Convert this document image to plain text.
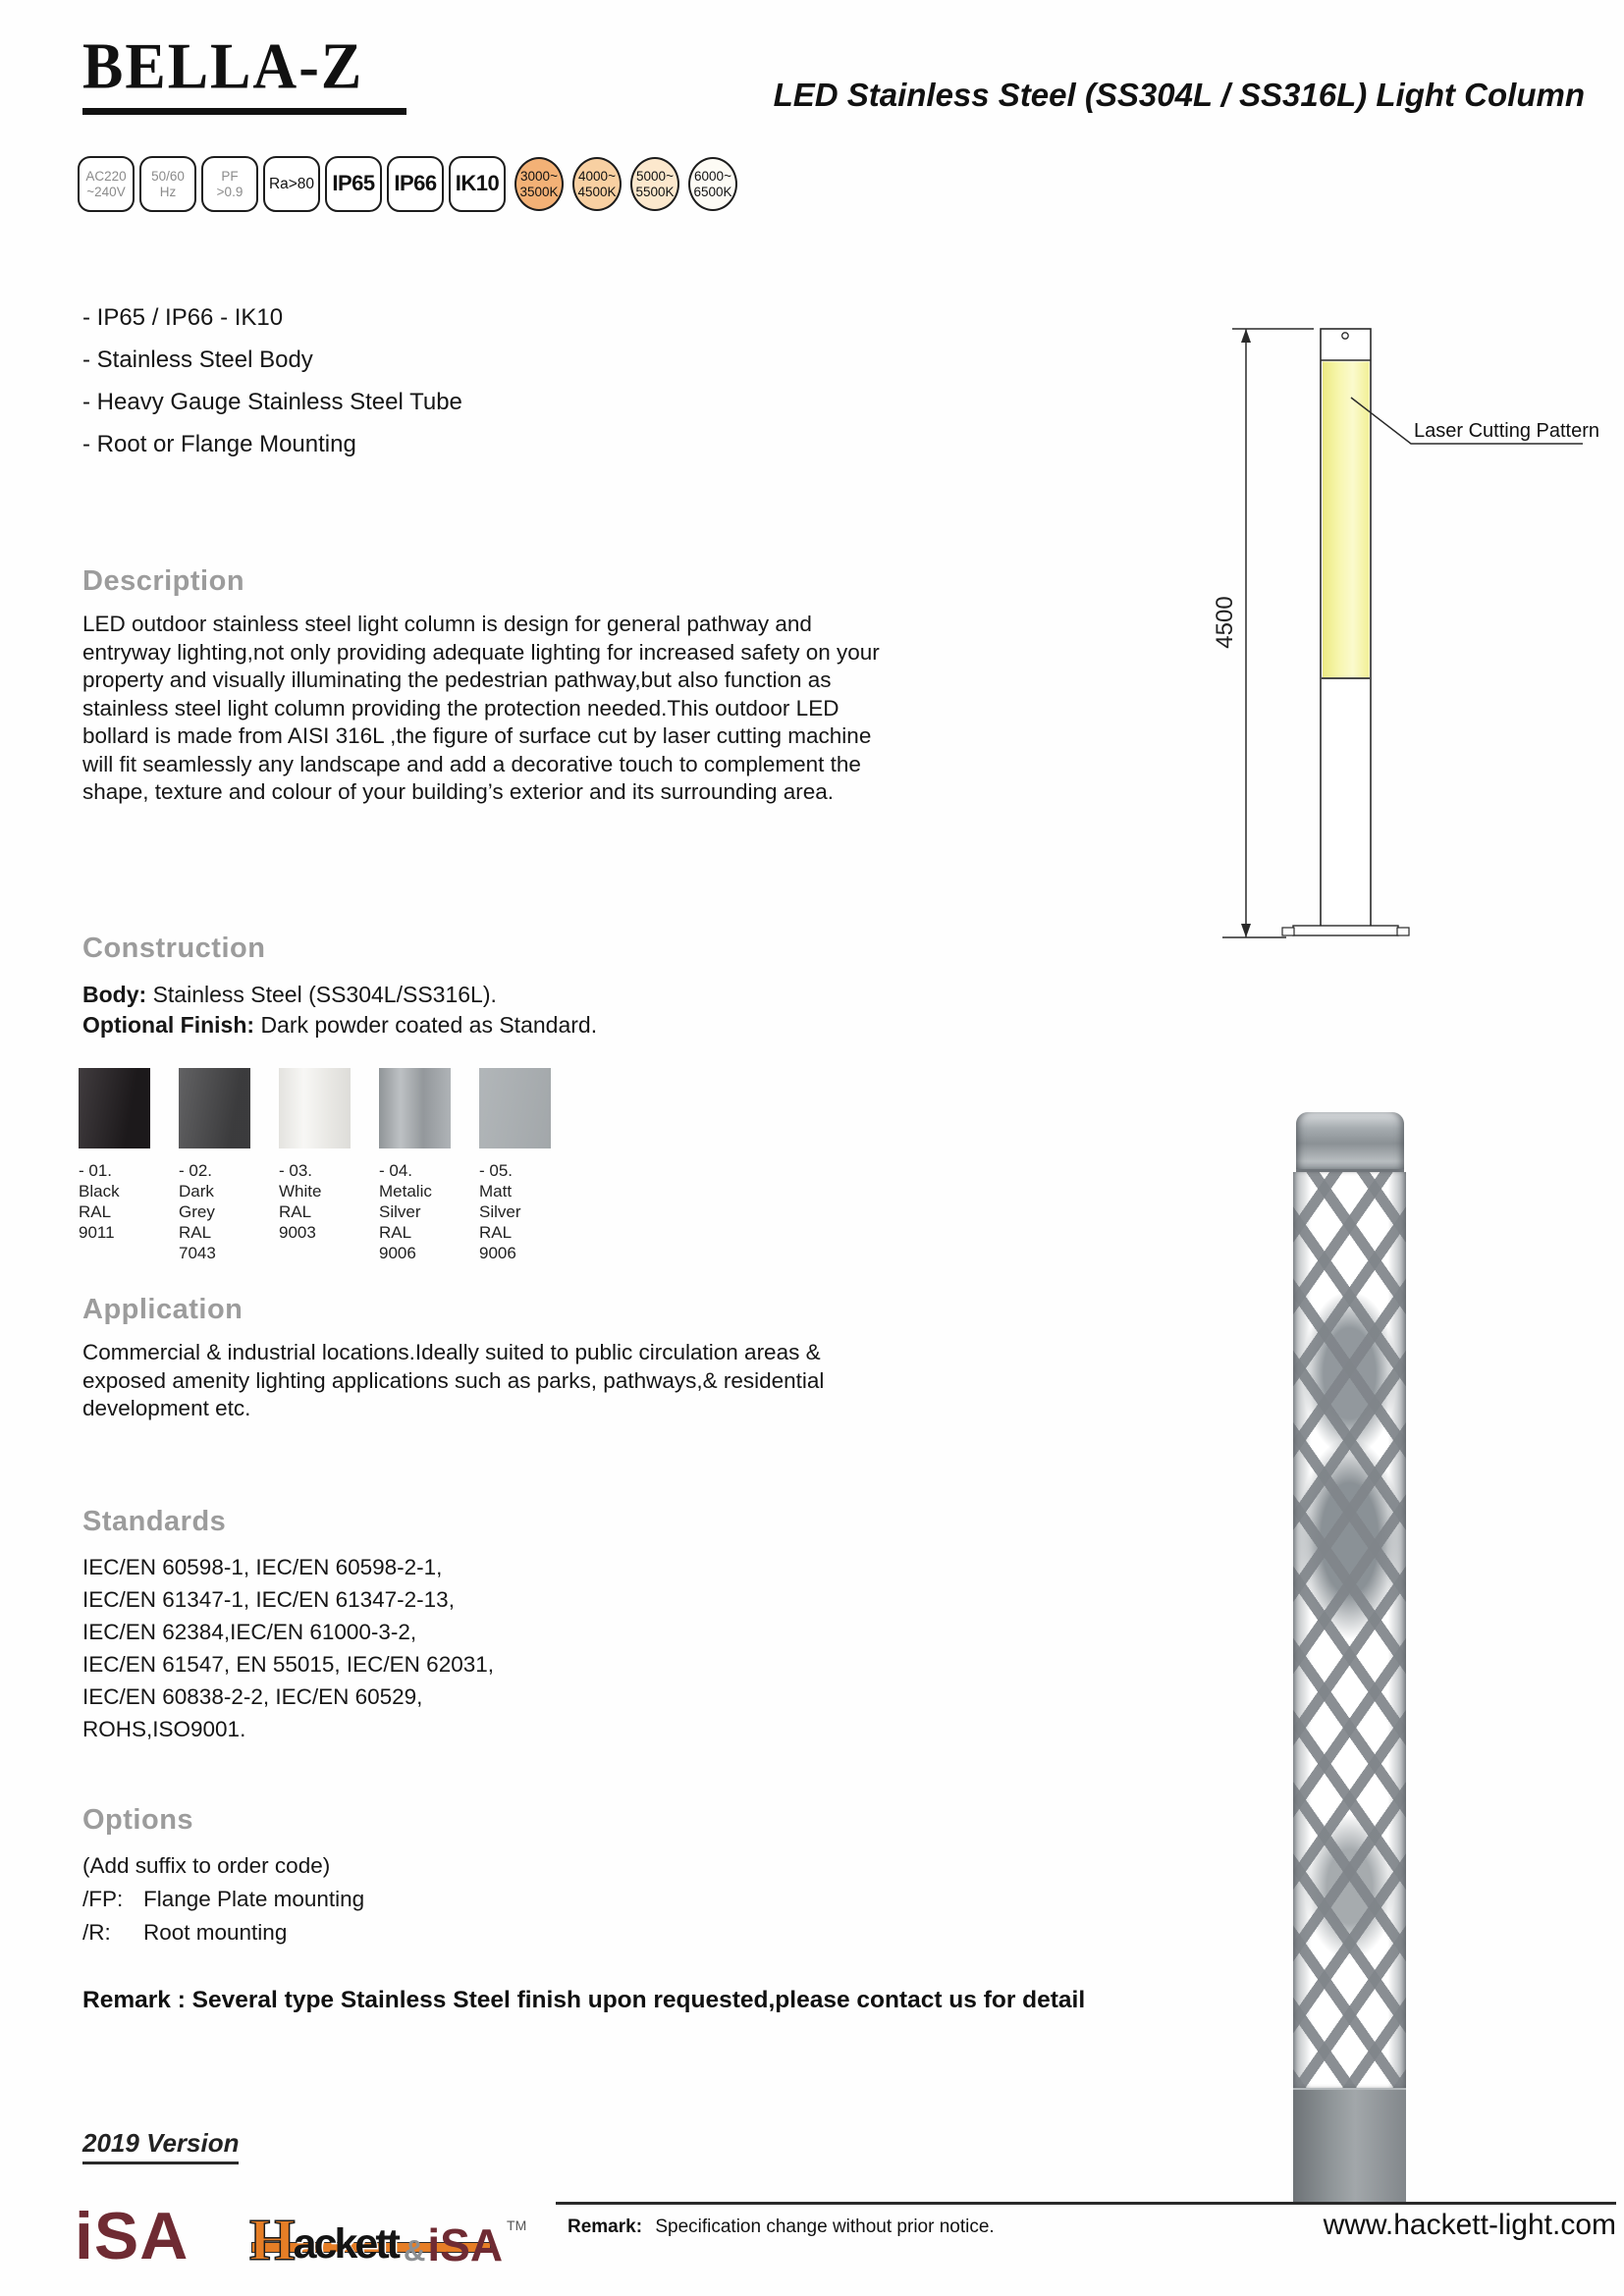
BELLA-Z	LED Stainless Steel (SS304L / SS316L) Light Column
AC220
~240V
50/60
Hz
PF
>0.9 Ra>80 IP65 IP66 IK10 3000~
3500K
4000~
4500K
5000~
5500K
6000~
6500K
- IP65 / IP66 - IK10
- Stainless Steel Body
- Heavy Gauge Stainless Steel Tube
- Root or Flange Mounting
4500
Laser Cutting Pattern
Description
LED outdoor stainless steel light column is design for general pathway and entryway lighting,not only providing adequate lighting for increased safety on your property and visually illuminating the pedestrian pathway,but also function as stainless steel light column providing the protection needed.This outdoor LED bollard is made from AISI 316L ,the figure of surface cut by laser cutting machine will fit seamlessly any landscape and add a decorative touch to complement the shape, texture and colour of your building’s exterior and its surrounding area.
Construction
Body: Stainless Steel (SS304L/SS316L).
Optional Finish: Dark powder coated as Standard.
- 01.
Black
RAL 9011
- 02.
Dark Grey
RAL 7043
- 03.
White
RAL 9003
- 04.
Metalic Silver
RAL 9006
- 05.
Matt Silver
RAL 9006
Application
Commercial & industrial locations.Ideally suited to public circulation areas & exposed amenity lighting applications such as parks, pathways,& residential development etc.
Standards
IEC/EN 60598-1, IEC/EN 60598-2-1,
IEC/EN 61347-1, IEC/EN 61347-2-13,
IEC/EN 62384,IEC/EN 61000-3-2,
IEC/EN 61547, EN 55015, IEC/EN 62031,
IEC/EN 60838-2-2, IEC/EN 60529,
ROHS,ISO9001.
Options
(Add suffix to order code)
/FP: Flange Plate mounting
/R:	Root mounting
Remark : Several type Stainless Steel finish upon requested,please contact us for detail
2019 Version
iSA H
ackett & iSA TM Remark: Specification change without prior notice.	www.hackett-light.com
